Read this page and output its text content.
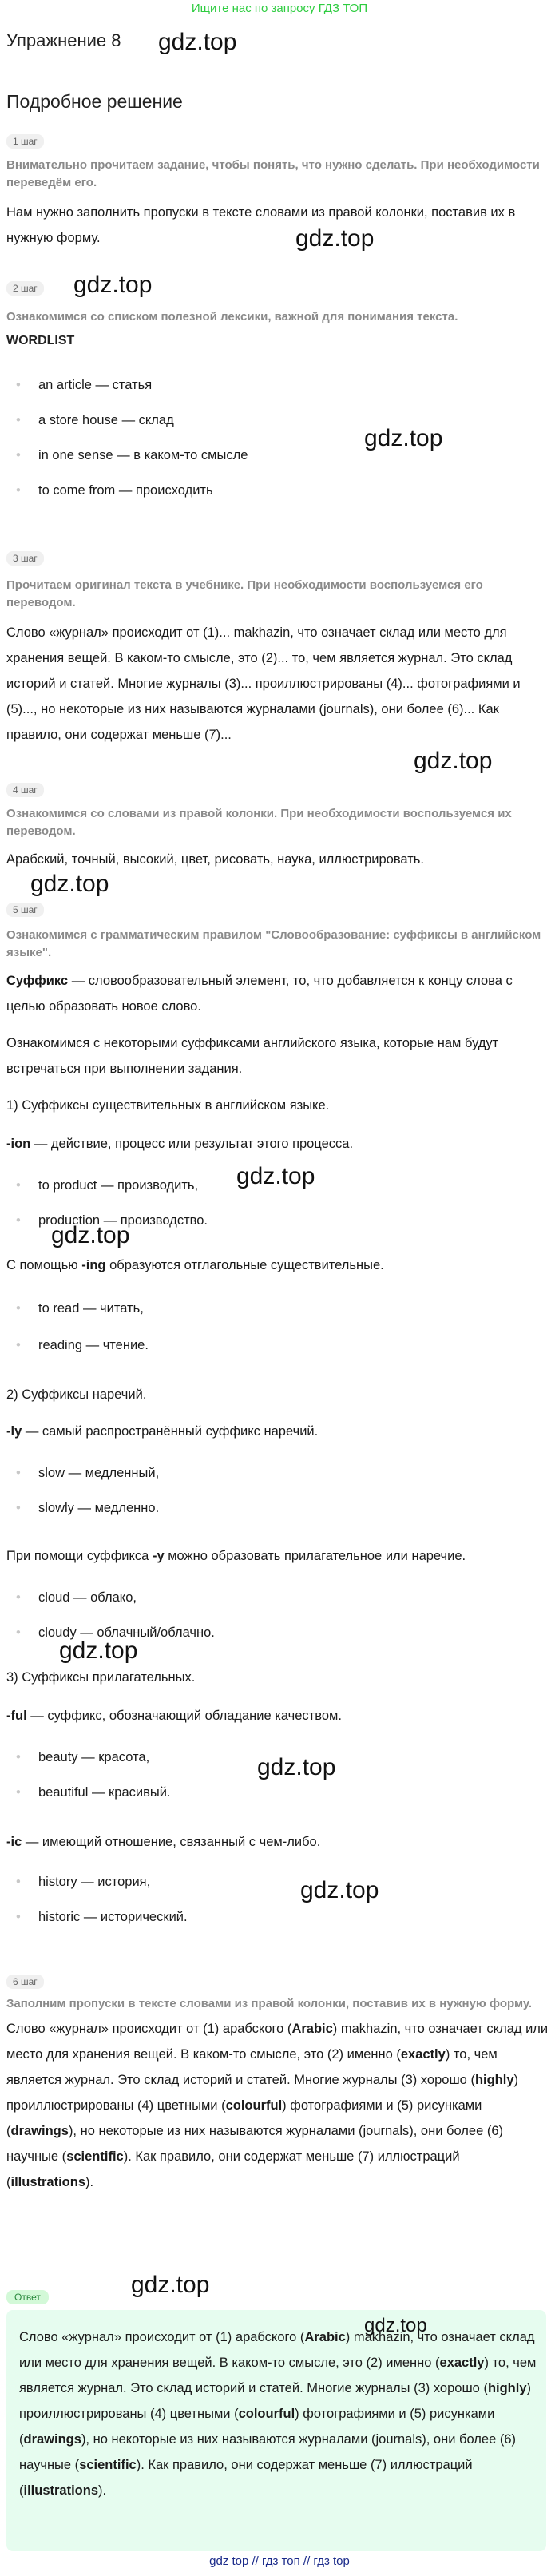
Ищите нас по запросу ГДЗ ТОП
Упражнение 8 gdz.top
Подробное решение
1 шаг
Внимательно прочитаем задание, чтобы понять, что нужно сделать. При необходимости переведём его.
Нам нужно заполнить пропуски в тексте словами из правой колонки, поставив их в нужную форму.	gdz.top
2 шаг gdz.top
Ознакомимся со списком полезной лексики, важной для понимания текста.
WORDLIST
• an article — статья
• a store house — склад
gdz.top
• in one sense — в каком-то смысле
• to come from — происходить
3 шаг
Прочитаем оригинал текста в учебнике. При необходимости воспользуемся его переводом.
Слово «журнал» происходит от (1)... makhazin, что означает склад или место для хранения вещей. В каком-то смысле, это (2)... то, чем является журнал. Это склад историй и статей. Многие журналы (3)... проиллюстрированы (4)... фотографиями и (5)..., но некоторые из них называются журналами (journals), они более (6)... Как правило, они содержат меньше (7)...
gdz.top
4 шаг
Ознакомимся со словами из правой колонки. При необходимости воспользуемся их переводом.
Арабский, точный, высокий, цвет, рисовать, наука, иллюстрировать.
gdz.top
5 шаг
Ознакомимся с грамматическим правилом "Словообразование: суффиксы в английском языке".
Суффикс — словообразовательный элемент, то, что добавляется к концу слова с целью образовать новое слово.
Ознакомимся с некоторыми суффиксами английского языка, которые нам будут встречаться при выполнении задания.
1) Суффиксы существительных в английском языке.
-ion — действие, процесс или результат этого процесса.
• to product — производить, gdz.top
• production — производство.
gdz.top
С помощью -ing образуются отглагольные существительные.
• to read — читать,
• reading — чтение.
2) Суффиксы наречий.
-ly — самый распространённый суффикс наречий.
• slow — медленный,
• slowly — медленно.
При помощи суффикса -y можно образовать прилагательное или наречие.
• cloud — облако,
• cloudy — облачный/облачно.
gdz.top
3) Суффиксы прилагательных.
-ful — суффикс, обозначающий обладание качеством.
• beauty — красота,	gdz.top
• beautiful — красивый.
-ic — имеющий отношение, связанный с чем-либо.
• history — история,	gdz.top
• historic — исторический.
6 шаг
Заполним пропуски в тексте словами из правой колонки, поставив их в нужную форму.
Слово «журнал» происходит от (1) арабского (Arabic) makhazin, что означает склад или место для хранения вещей. В каком-то смысле, это (2) именно (exactly) то, чем является журнал. Это склад историй и статей. Многие журналы (3) хорошо (highly) проиллюстрированы (4) цветными (colourful) фотографиями и (5) рисунками (drawings), но некоторые из них называются журналами (journals), они более (6) научные (scientific). Как правило, они содержат меньше (7) иллюстраций (illustrations).
Ответ	gdz.top
gdz.top
Слово «журнал» происходит от (1) арабского (Arabic) makhazin, что означает склад или место для хранения вещей. В каком-то смысле, это (2) именно (exactly) то, чем является журнал. Это склад историй и статей. Многие журналы (3) хорошо (highly) проиллюстрированы (4) цветными (colourful) фотографиями и (5) рисунками (drawings), но некоторые из них называются журналами (journals), они более (6) научные (scientific). Как правило, они содержат меньше (7) иллюстраций (illustrations).
gdz top // гдз топ // гдз top
